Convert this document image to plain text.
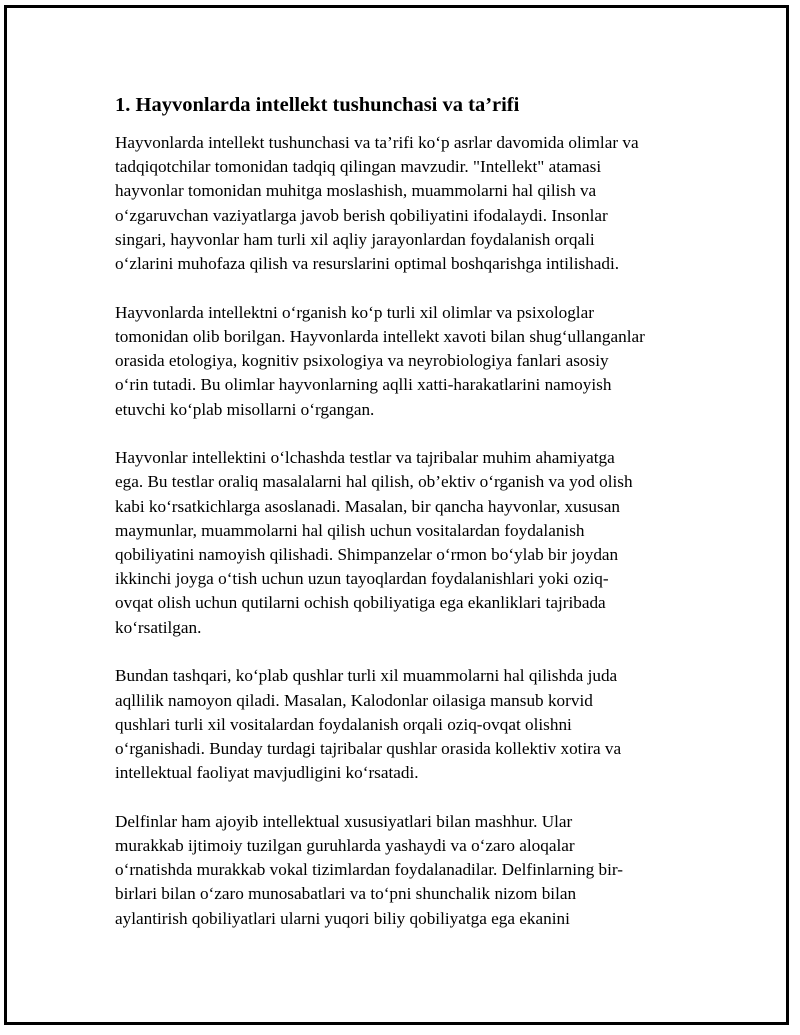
1. Hayvonlarda intellekt tushunchasi va ta’rifi

Hayvonlarda intellekt tushunchasi va ta’rifi ko‘p asrlar davomida olimlar va
tadqiqotchilar tomonidan tadqiq qilingan mavzudir. "Intellekt" atamasi
hayvonlar tomonidan muhitga moslashish, muammolarni hal qilish va
o‘zgaruvchan vaziyatlarga javob berish qobiliyatini ifodalaydi. Insonlar
singari, hayvonlar ham turli xil aqliy jarayonlardan foydalanish orqali
o‘zlarini muhofaza qilish va resurslarini optimal boshqarishga intilishadi.

Hayvonlarda intellektni o‘rganish ko‘p turli xil olimlar va psixologlar
tomonidan olib borilgan. Hayvonlarda intellekt xavoti bilan shug‘ullanganlar
orasida etologiya, kognitiv psixologiya va neyrobiologiya fanlari asosiy
o‘rin tutadi. Bu olimlar hayvonlarning aqlli xatti-harakatlarini namoyish
etuvchi ko‘plab misollarni o‘rgangan.

Hayvonlar intellektini o‘lchashda testlar va tajribalar muhim ahamiyatga
ega. Bu testlar oraliq masalalarni hal qilish, ob’ektiv o‘rganish va yod olish
kabi ko‘rsatkichlarga asoslanadi. Masalan, bir qancha hayvonlar, xususan
maymunlar, muammolarni hal qilish uchun vositalardan foydalanish
qobiliyatini namoyish qilishadi. Shimpanzelar o‘rmon bo‘ylab bir joydan
ikkinchi joyga o‘tish uchun uzun tayoqlardan foydalanishlari yoki oziq-
ovqat olish uchun qutilarni ochish qobiliyatiga ega ekanliklari tajribada
ko‘rsatilgan.

Bundan tashqari, ko‘plab qushlar turli xil muammolarni hal qilishda juda
aqllilik namoyon qiladi. Masalan, Kalodonlar oilasiga mansub korvid
qushlari turli xil vositalardan foydalanish orqali oziq-ovqat olishni
o‘rganishadi. Bunday turdagi tajribalar qushlar orasida kollektiv xotira va
intellektual faoliyat mavjudligini ko‘rsatadi.

Delfinlar ham ajoyib intellektual xususiyatlari bilan mashhur. Ular
murakkab ijtimoiy tuzilgan guruhlarda yashaydi va o‘zaro aloqalar
o‘rnatishda murakkab vokal tizimlardan foydalanadilar. Delfinlarning bir-
birlari bilan o‘zaro munosabatlari va to‘pni shunchalik nizom bilan
aylantirish qobiliyatlari ularni yuqori biliy qobiliyatga ega ekanini
